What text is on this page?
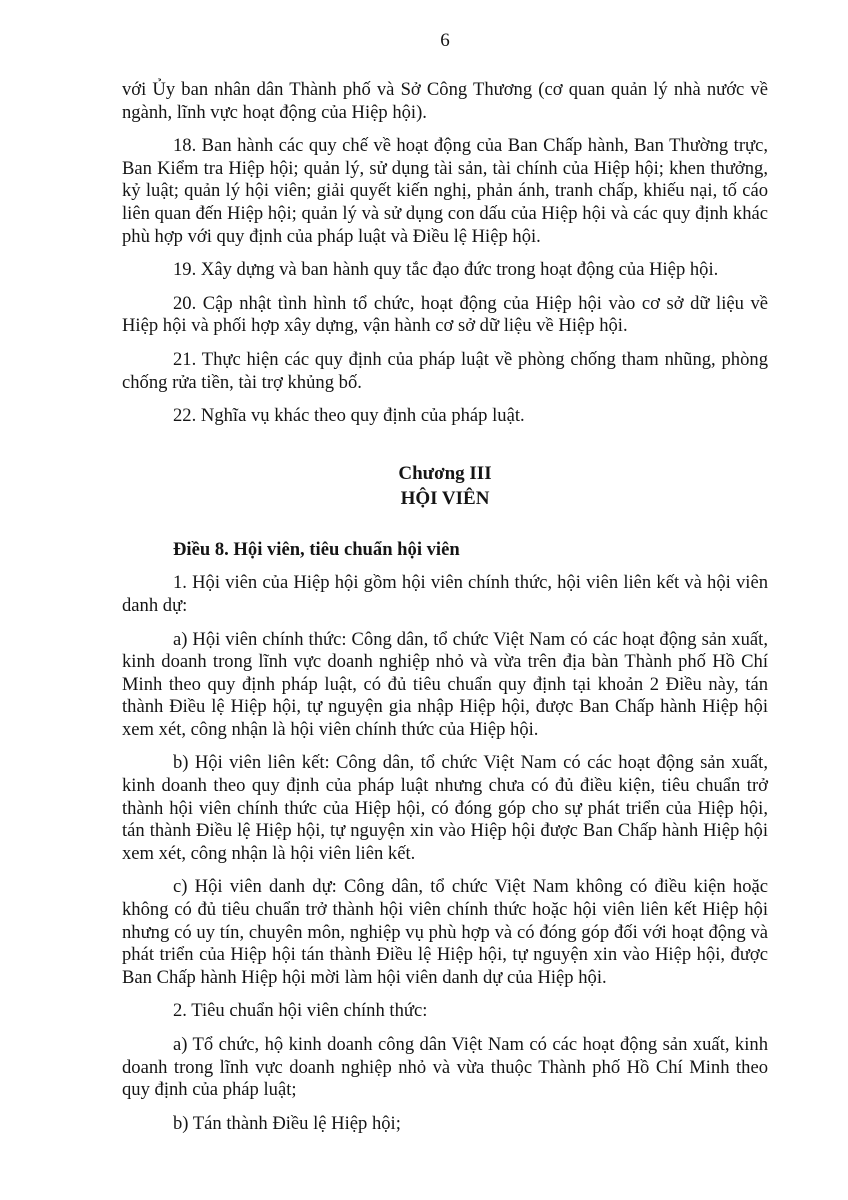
6

với Ủy ban nhân dân Thành phố và Sở Công Thương (cơ quan quản lý nhà nước về ngành, lĩnh vực hoạt động của Hiệp hội).

18. Ban hành các quy chế về hoạt động của Ban Chấp hành, Ban Thường trực, Ban Kiểm tra Hiệp hội; quản lý, sử dụng tài sản, tài chính của Hiệp hội; khen thưởng, kỷ luật; quản lý hội viên; giải quyết kiến nghị, phản ánh, tranh chấp, khiếu nại, tố cáo liên quan đến Hiệp hội; quản lý và sử dụng con dấu của Hiệp hội và các quy định khác phù hợp với quy định của pháp luật và Điều lệ Hiệp hội.

19. Xây dựng và ban hành quy tắc đạo đức trong hoạt động của Hiệp hội.

20. Cập nhật tình hình tổ chức, hoạt động của Hiệp hội vào cơ sở dữ liệu về Hiệp hội và phối hợp xây dựng, vận hành cơ sở dữ liệu về Hiệp hội.

21. Thực hiện các quy định của pháp luật về phòng chống tham nhũng, phòng chống rửa tiền, tài trợ khủng bố.

22. Nghĩa vụ khác theo quy định của pháp luật.

Chương III
HỘI VIÊN

Điều 8. Hội viên, tiêu chuẩn hội viên

1. Hội viên của Hiệp hội gồm hội viên chính thức, hội viên liên kết và hội viên danh dự:

a) Hội viên chính thức: Công dân, tổ chức Việt Nam có các hoạt động sản xuất, kinh doanh trong lĩnh vực doanh nghiệp nhỏ và vừa trên địa bàn Thành phố Hồ Chí Minh theo quy định pháp luật, có đủ tiêu chuẩn quy định tại khoản 2 Điều này, tán thành Điều lệ Hiệp hội, tự nguyện gia nhập Hiệp hội, được Ban Chấp hành Hiệp hội xem xét, công nhận là hội viên chính thức của Hiệp hội.

b) Hội viên liên kết: Công dân, tổ chức Việt Nam có các hoạt động sản xuất, kinh doanh theo quy định của pháp luật nhưng chưa có đủ điều kiện, tiêu chuẩn trở thành hội viên chính thức của Hiệp hội, có đóng góp cho sự phát triển của Hiệp hội, tán thành Điều lệ Hiệp hội, tự nguyện xin vào Hiệp hội được Ban Chấp hành Hiệp hội xem xét, công nhận là hội viên liên kết.

c) Hội viên danh dự: Công dân, tổ chức Việt Nam không có điều kiện hoặc không có đủ tiêu chuẩn trở thành hội viên chính thức hoặc hội viên liên kết Hiệp hội nhưng có uy tín, chuyên môn, nghiệp vụ phù hợp và có đóng góp đối với hoạt động và phát triển của Hiệp hội tán thành Điều lệ Hiệp hội, tự nguyện xin vào Hiệp hội, được Ban Chấp hành Hiệp hội mời làm hội viên danh dự của Hiệp hội.

2. Tiêu chuẩn hội viên chính thức:

a) Tổ chức, hộ kinh doanh công dân Việt Nam có các hoạt động sản xuất, kinh doanh trong lĩnh vực doanh nghiệp nhỏ và vừa thuộc Thành phố Hồ Chí Minh theo quy định của pháp luật;

b) Tán thành Điều lệ Hiệp hội;
